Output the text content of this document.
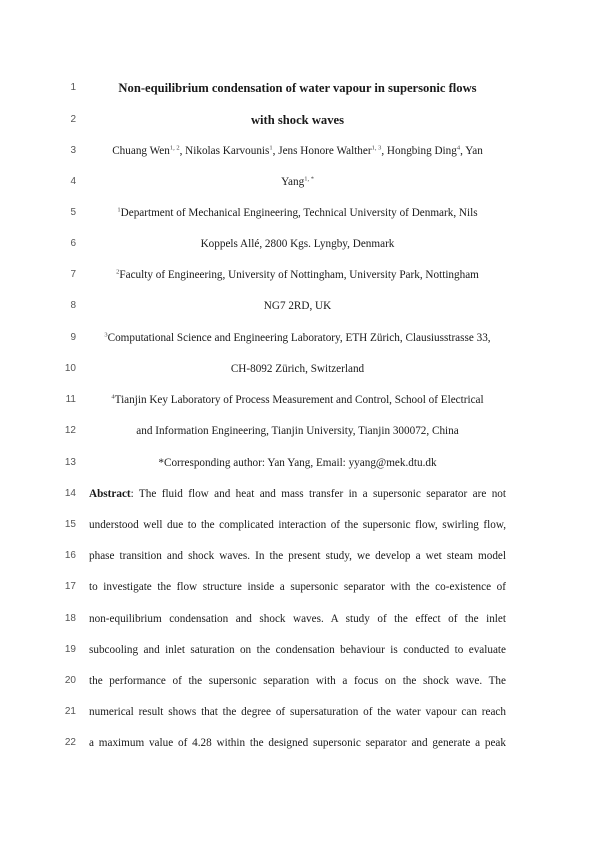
1	Non-equilibrium condensation of water vapour in supersonic flows
2	with shock waves
3	Chuang Wen$^{1, 2}$, Nikolas Karvounis$^1$, Jens Honore Walther$^{1, 3}$, Hongbing Ding$^4$, Yan
4	Yang$^{1, *}$
5	$^1$Department of Mechanical Engineering, Technical University of Denmark, Nils
6	Koppels Allé, 2800 Kgs. Lyngby, Denmark
7	$^2$Faculty of Engineering, University of Nottingham, University Park, Nottingham
8	NG7 2RD, UK
9	$^3$Computational Science and Engineering Laboratory, ETH Zürich, Clausiusstrasse 33,
10	CH-8092 Zürich, Switzerland
11	$^4$Tianjin Key Laboratory of Process Measurement and Control, School of Electrical
12	and Information Engineering, Tianjin University, Tianjin 300072, China
13	*Corresponding author: Yan Yang, Email: yyang@mek.dtu.dk
14 Abstract: The fluid flow and heat and mass transfer in a supersonic separator are not
15 understood well due to the complicated interaction of the supersonic flow, swirling flow,
16 phase transition and shock waves. In the present study, we develop a wet steam model
17 to investigate the flow structure inside a supersonic separator with the co-existence of
18 non-equilibrium condensation and shock waves. A study of the effect of the inlet
19 subcooling and inlet saturation on the condensation behaviour is conducted to evaluate
20 the performance of the supersonic separation with a focus on the shock wave. The
21 numerical result shows that the degree of supersaturation of the water vapour can reach
22 a maximum value of 4.28 within the designed supersonic separator and generate a peak
